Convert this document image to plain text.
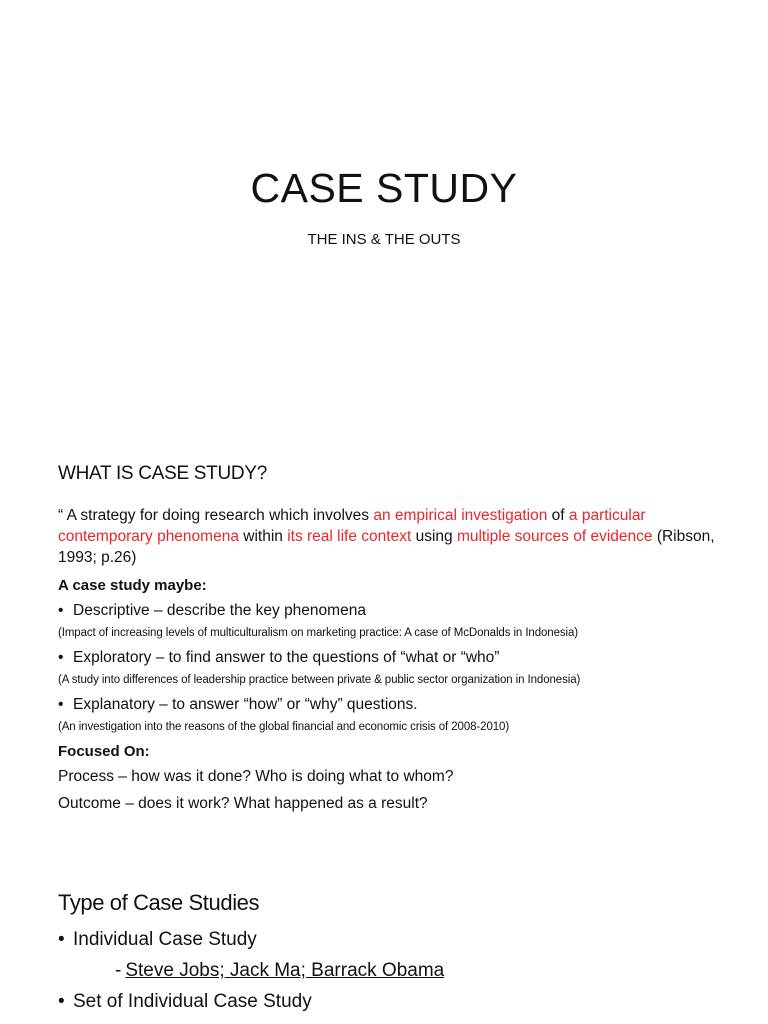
CASE STUDY
THE INS & THE OUTS
WHAT IS CASE STUDY?

“ A strategy for doing research which involves an empirical investigation of a particular contemporary phenomena within its real life context using multiple sources of evidence (Ribson, 1993; p.26)

A case study maybe:

• Descriptive – describe the key phenomena

(Impact of increasing levels of multiculturalism on marketing practice: A case of McDonalds in Indonesia)

• Exploratory – to find answer to the questions of “what or “who”

(A study into differences of leadership practice between private & public sector organization in Indonesia)

• Explanatory – to answer “how” or “why” questions.

(An investigation into the reasons of the global financial and economic crisis of 2008-2010)

Focused On:

Process – how was it done? Who is doing what to whom?

Outcome – does it work? What happened as a result?

Type of Case Studies
• Individual Case Study
- Steve Jobs; Jack Ma; Barrack Obama
• Set of Individual Case Study
